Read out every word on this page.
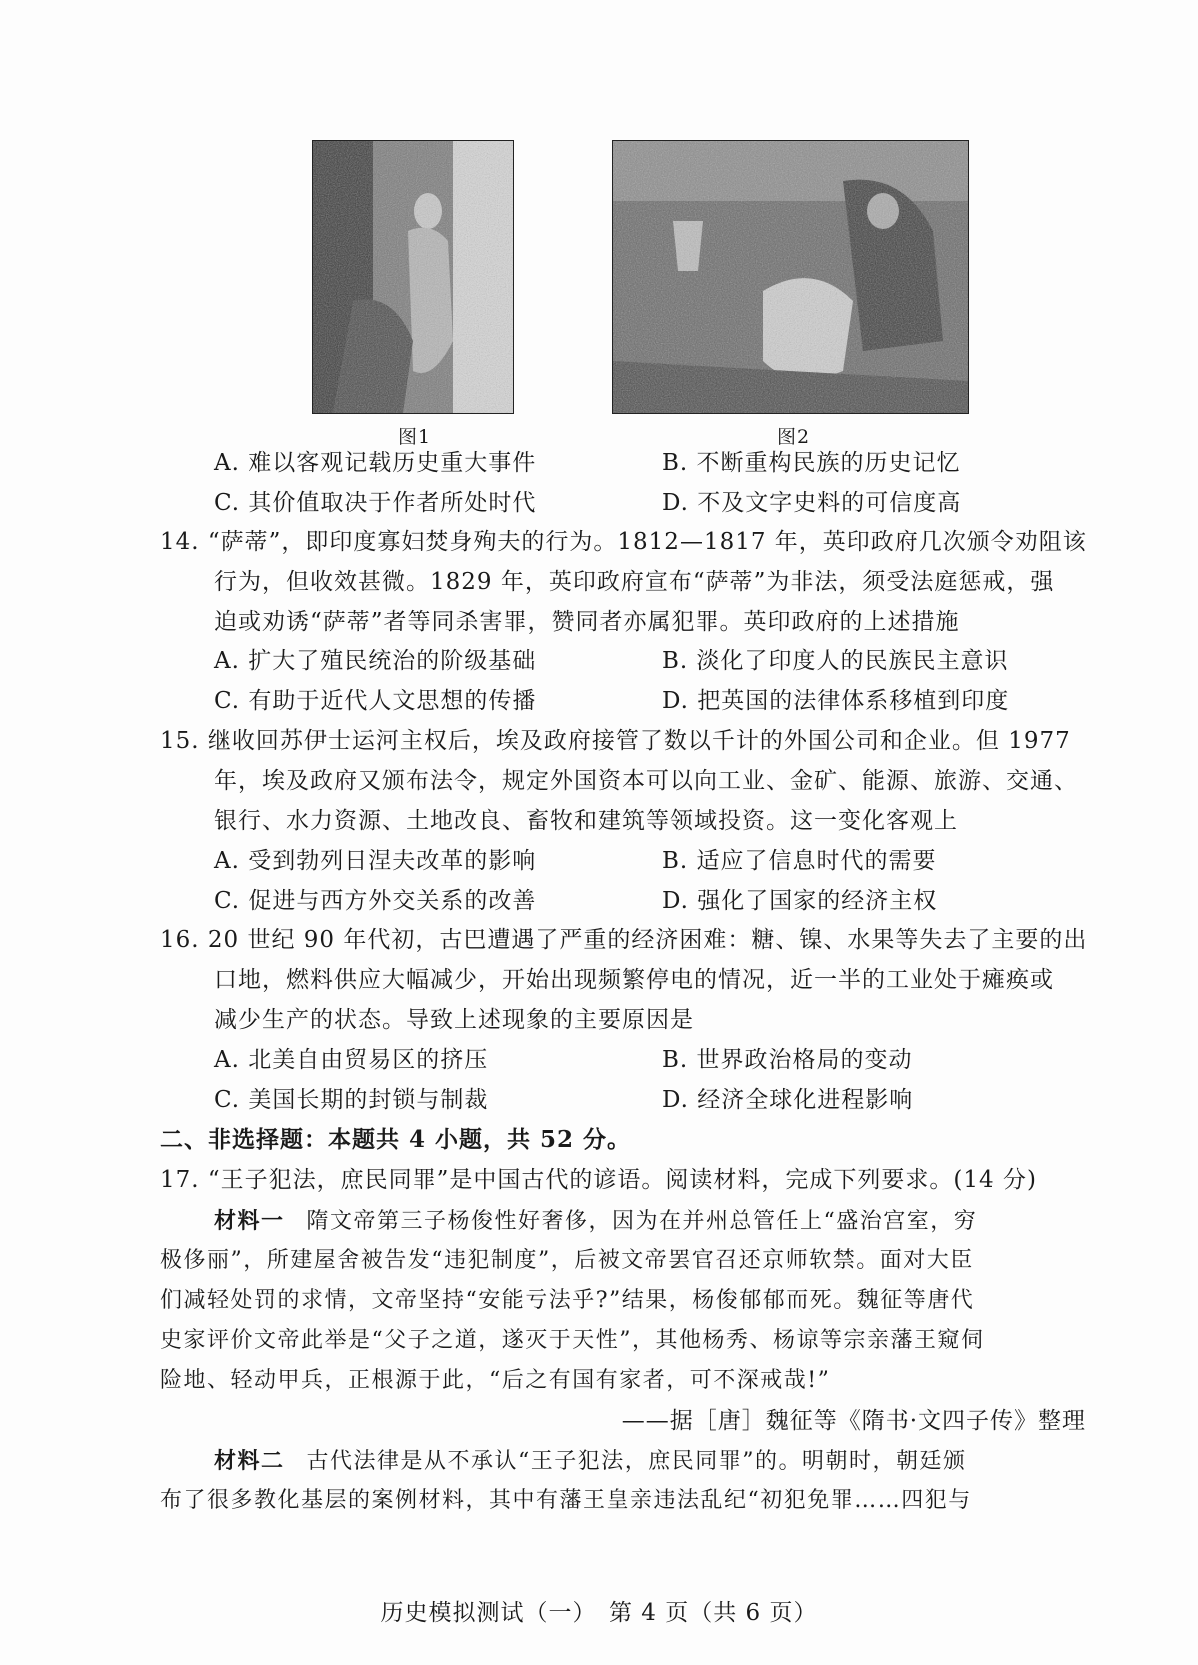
图1	图2
A. 难以客观记载历史重大事件	B. 不断重构民族的历史记忆
C. 其价值取决于作者所处时代	D. 不及文字史料的可信度高
14. “萨蒂”，即印度寡妇焚身殉夫的行为。1812—1817 年，英印政府几次颁令劝阻该
行为，但收效甚微。1829 年，英印政府宣布“萨蒂”为非法，须受法庭惩戒，强
迫或劝诱“萨蒂”者等同杀害罪，赞同者亦属犯罪。英印政府的上述措施
A. 扩大了殖民统治的阶级基础	B. 淡化了印度人的民族民主意识
C. 有助于近代人文思想的传播	D. 把英国的法律体系移植到印度
15. 继收回苏伊士运河主权后，埃及政府接管了数以千计的外国公司和企业。但 1977
年，埃及政府又颁布法令，规定外国资本可以向工业、金矿、能源、旅游、交通、
银行、水力资源、土地改良、畜牧和建筑等领域投资。这一变化客观上
A. 受到勃列日涅夫改革的影响	B. 适应了信息时代的需要
C. 促进与西方外交关系的改善	D. 强化了国家的经济主权
16. 20 世纪 90 年代初，古巴遭遇了严重的经济困难：糖、镍、水果等失去了主要的出
口地，燃料供应大幅减少，开始出现频繁停电的情况，近一半的工业处于瘫痪或
减少生产的状态。导致上述现象的主要原因是
A. 北美自由贸易区的挤压	B. 世界政治格局的变动
C. 美国长期的封锁与制裁	D. 经济全球化进程影响
二、非选择题：本题共 4 小题，共 52 分。
17. “王子犯法，庶民同罪”是中国古代的谚语。阅读材料，完成下列要求。(14 分)
材料一 隋文帝第三子杨俊性好奢侈，因为在并州总管任上“盛治宫室，穷
极侈丽”，所建屋舍被告发“违犯制度”，后被文帝罢官召还京师软禁。面对大臣
们减轻处罚的求情，文帝坚持“安能亏法乎?”结果，杨俊郁郁而死。魏征等唐代
史家评价文帝此举是“父子之道，遂灭于天性”，其他杨秀、杨谅等宗亲藩王窥伺
险地、轻动甲兵，正根源于此，“后之有国有家者，可不深戒哉!”
——据［唐］魏征等《隋书·文四子传》整理
材料二 古代法律是从不承认“王子犯法，庶民同罪”的。明朝时，朝廷颁
布了很多教化基层的案例材料，其中有藩王皇亲违法乱纪“初犯免罪……四犯与
历史模拟测试（一）　第 4 页（共 6 页）
